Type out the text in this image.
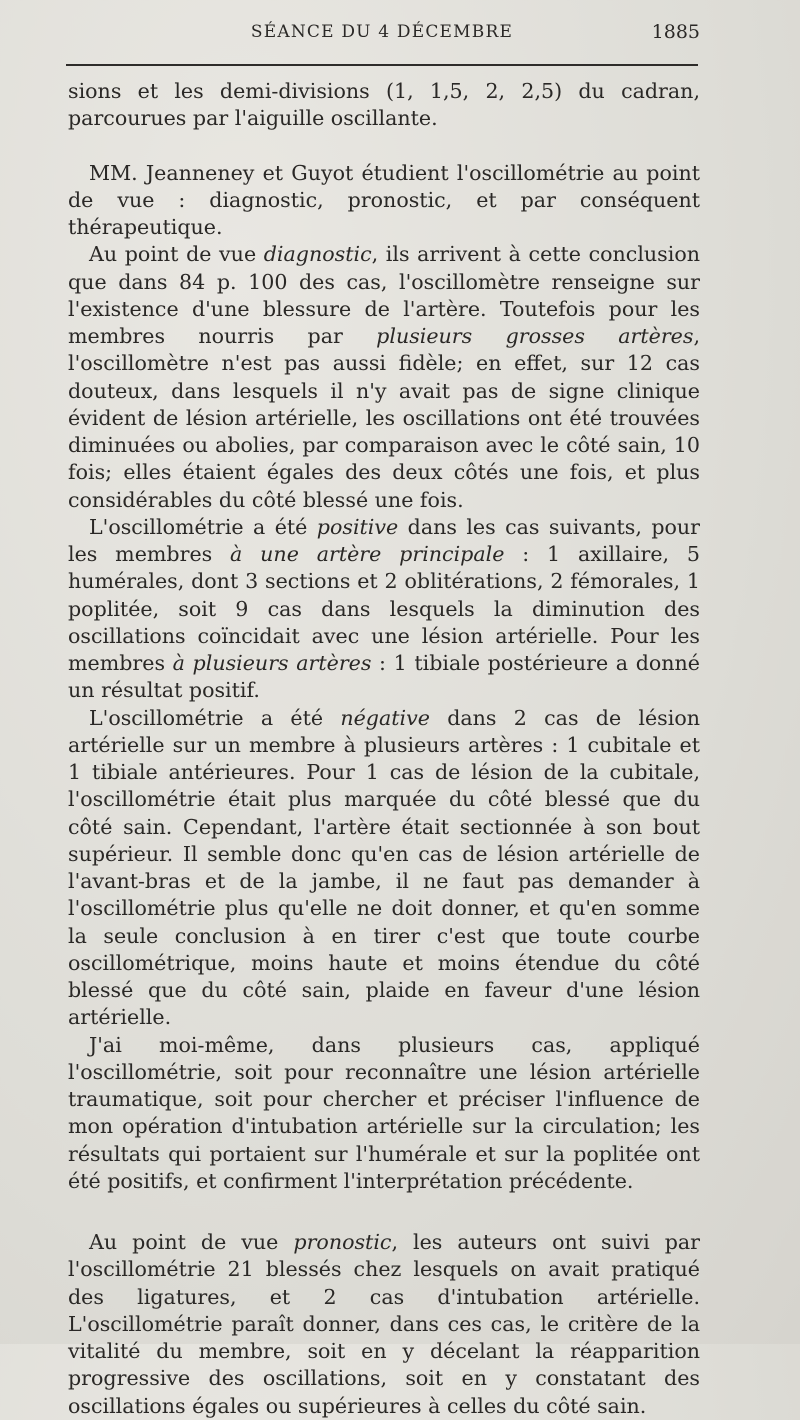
SÉANCE DU 4 DÉCEMBRE	1885

sions et les demi-divisions (1, 1,5, 2, 2,5) du cadran, parcourues par l'aiguille oscillante.

MM. Jeanneney et Guyot étudient l'oscillométrie au point de vue : diagnostic, pronostic, et par conséquent thérapeutique.

Au point de vue diagnostic, ils arrivent à cette conclusion que dans 84 p. 100 des cas, l'oscillomètre renseigne sur l'existence d'une blessure de l'artère. Toutefois pour les membres nourris par plusieurs grosses artères, l'oscillomètre n'est pas aussi fidèle; en effet, sur 12 cas douteux, dans lesquels il n'y avait pas de signe clinique évident de lésion artérielle, les oscillations ont été trouvées diminuées ou abolies, par comparaison avec le côté sain, 10 fois; elles étaient égales des deux côtés une fois, et plus considérables du côté blessé une fois.

L'oscillométrie a été positive dans les cas suivants, pour les membres à une artère principale : 1 axillaire, 5 humérales, dont 3 sections et 2 oblitérations, 2 fémorales, 1 poplitée, soit 9 cas dans lesquels la diminution des oscillations coïncidait avec une lésion artérielle. Pour les membres à plusieurs artères : 1 tibiale postérieure a donné un résultat positif.

L'oscillométrie a été négative dans 2 cas de lésion artérielle sur un membre à plusieurs artères : 1 cubitale et 1 tibiale antérieures. Pour 1 cas de lésion de la cubitale, l'oscillométrie était plus marquée du côté blessé que du côté sain. Cependant, l'artère était sectionnée à son bout supérieur. Il semble donc qu'en cas de lésion artérielle de l'avant-bras et de la jambe, il ne faut pas demander à l'oscillométrie plus qu'elle ne doit donner, et qu'en somme la seule conclusion à en tirer c'est que toute courbe oscillométrique, moins haute et moins étendue du côté blessé que du côté sain, plaide en faveur d'une lésion artérielle.

J'ai moi-même, dans plusieurs cas, appliqué l'oscillométrie, soit pour reconnaître une lésion artérielle traumatique, soit pour chercher et préciser l'influence de mon opération d'intubation artérielle sur la circulation; les résultats qui portaient sur l'humérale et sur la poplitée ont été positifs, et confirment l'interprétation précédente.

Au point de vue pronostic, les auteurs ont suivi par l'oscillométrie 21 blessés chez lesquels on avait pratiqué des ligatures, et 2 cas d'intubation artérielle. L'oscillométrie paraît donner, dans ces cas, le critère de la vitalité du membre, soit en y décelant la réapparition progressive des oscillations, soit en y constatant des oscillations égales ou supérieures à celles du côté sain.
